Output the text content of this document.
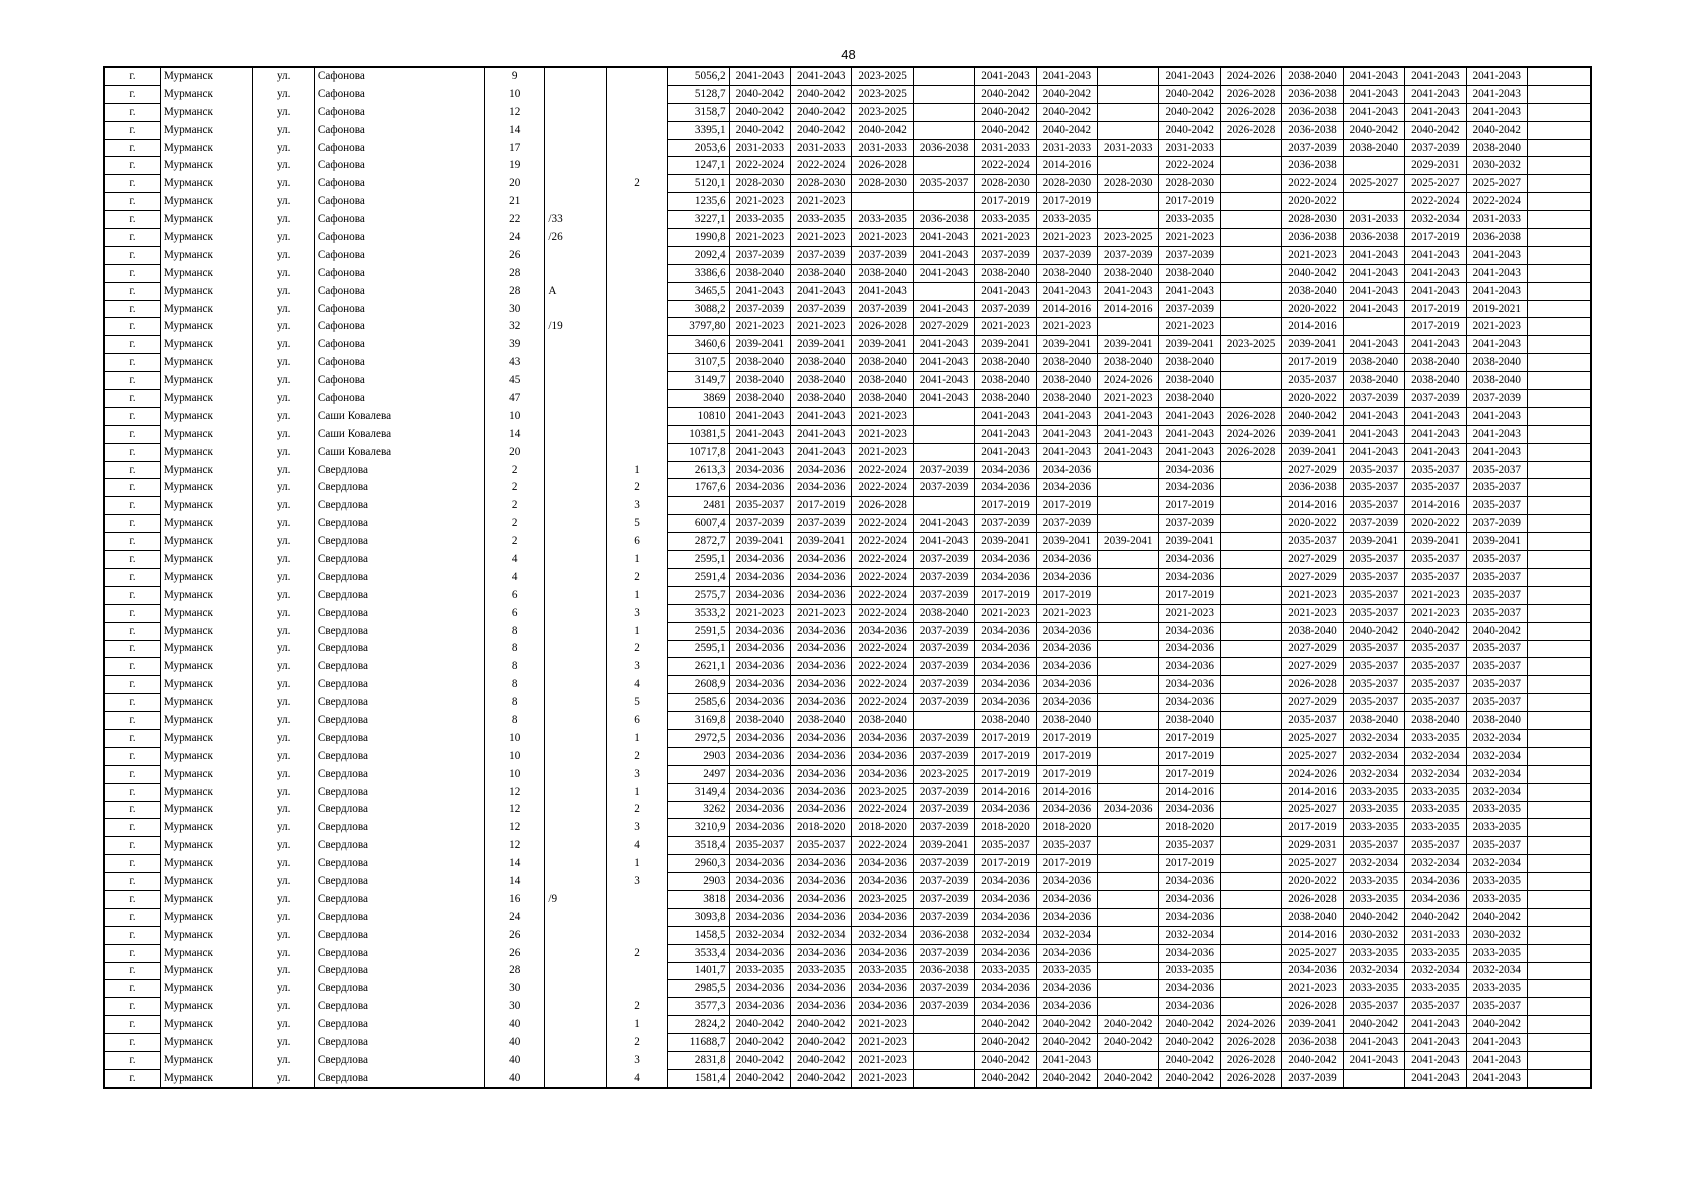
48
г.	Мурманск	ул.	Сафонова	9			5056,2	2041-2043	2041-2043	2023-2025		2041-2043	2041-2043		2041-2043	2024-2026	2038-2040	2041-2043	2041-2043	2041-2043	
г.	Мурманск	ул.	Сафонова	10			5128,7	2040-2042	2040-2042	2023-2025		2040-2042	2040-2042		2040-2042	2026-2028	2036-2038	2041-2043	2041-2043	2041-2043	
г.	Мурманск	ул.	Сафонова	12			3158,7	2040-2042	2040-2042	2023-2025		2040-2042	2040-2042		2040-2042	2026-2028	2036-2038	2041-2043	2041-2043	2041-2043	
г.	Мурманск	ул.	Сафонова	14			3395,1	2040-2042	2040-2042	2040-2042		2040-2042	2040-2042		2040-2042	2026-2028	2036-2038	2040-2042	2040-2042	2040-2042	
г.	Мурманск	ул.	Сафонова	17			2053,6	2031-2033	2031-2033	2031-2033	2036-2038	2031-2033	2031-2033	2031-2033	2031-2033		2037-2039	2038-2040	2037-2039	2038-2040	
г.	Мурманск	ул.	Сафонова	19			1247,1	2022-2024	2022-2024	2026-2028		2022-2024	2014-2016		2022-2024		2036-2038		2029-2031	2030-2032	
г.	Мурманск	ул.	Сафонова	20		2	5120,1	2028-2030	2028-2030	2028-2030	2035-2037	2028-2030	2028-2030	2028-2030	2028-2030		2022-2024	2025-2027	2025-2027	2025-2027	
г.	Мурманск	ул.	Сафонова	21			1235,6	2021-2023	2021-2023			2017-2019	2017-2019		2017-2019		2020-2022		2022-2024	2022-2024	
г.	Мурманск	ул.	Сафонова	22	/33		3227,1	2033-2035	2033-2035	2033-2035	2036-2038	2033-2035	2033-2035		2033-2035		2028-2030	2031-2033	2032-2034	2031-2033	
г.	Мурманск	ул.	Сафонова	24	/26		1990,8	2021-2023	2021-2023	2021-2023	2041-2043	2021-2023	2021-2023	2023-2025	2021-2023		2036-2038	2036-2038	2017-2019	2036-2038	
г.	Мурманск	ул.	Сафонова	26			2092,4	2037-2039	2037-2039	2037-2039	2041-2043	2037-2039	2037-2039	2037-2039	2037-2039		2021-2023	2041-2043	2041-2043	2041-2043	
г.	Мурманск	ул.	Сафонова	28			3386,6	2038-2040	2038-2040	2038-2040	2041-2043	2038-2040	2038-2040	2038-2040	2038-2040		2040-2042	2041-2043	2041-2043	2041-2043	
г.	Мурманск	ул.	Сафонова	28	А		3465,5	2041-2043	2041-2043	2041-2043		2041-2043	2041-2043	2041-2043	2041-2043		2038-2040	2041-2043	2041-2043	2041-2043	
г.	Мурманск	ул.	Сафонова	30			3088,2	2037-2039	2037-2039	2037-2039	2041-2043	2037-2039	2014-2016	2014-2016	2037-2039		2020-2022	2041-2043	2017-2019	2019-2021	
г.	Мурманск	ул.	Сафонова	32	/19		3797,80	2021-2023	2021-2023	2026-2028	2027-2029	2021-2023	2021-2023		2021-2023		2014-2016		2017-2019	2021-2023	
г.	Мурманск	ул.	Сафонова	39			3460,6	2039-2041	2039-2041	2039-2041	2041-2043	2039-2041	2039-2041	2039-2041	2039-2041	2023-2025	2039-2041	2041-2043	2041-2043	2041-2043	
г.	Мурманск	ул.	Сафонова	43			3107,5	2038-2040	2038-2040	2038-2040	2041-2043	2038-2040	2038-2040	2038-2040	2038-2040		2017-2019	2038-2040	2038-2040	2038-2040	
г.	Мурманск	ул.	Сафонова	45			3149,7	2038-2040	2038-2040	2038-2040	2041-2043	2038-2040	2038-2040	2024-2026	2038-2040		2035-2037	2038-2040	2038-2040	2038-2040	
г.	Мурманск	ул.	Сафонова	47			3869	2038-2040	2038-2040	2038-2040	2041-2043	2038-2040	2038-2040	2021-2023	2038-2040		2020-2022	2037-2039	2037-2039	2037-2039	
г.	Мурманск	ул.	Саши Ковалева	10			10810	2041-2043	2041-2043	2021-2023		2041-2043	2041-2043	2041-2043	2041-2043	2026-2028	2040-2042	2041-2043	2041-2043	2041-2043	
г.	Мурманск	ул.	Саши Ковалева	14			10381,5	2041-2043	2041-2043	2021-2023		2041-2043	2041-2043	2041-2043	2041-2043	2024-2026	2039-2041	2041-2043	2041-2043	2041-2043	
г.	Мурманск	ул.	Саши Ковалева	20			10717,8	2041-2043	2041-2043	2021-2023		2041-2043	2041-2043	2041-2043	2041-2043	2026-2028	2039-2041	2041-2043	2041-2043	2041-2043	
г.	Мурманск	ул.	Свердлова	2		1	2613,3	2034-2036	2034-2036	2022-2024	2037-2039	2034-2036	2034-2036		2034-2036		2027-2029	2035-2037	2035-2037	2035-2037	
г.	Мурманск	ул.	Свердлова	2		2	1767,6	2034-2036	2034-2036	2022-2024	2037-2039	2034-2036	2034-2036		2034-2036		2036-2038	2035-2037	2035-2037	2035-2037	
г.	Мурманск	ул.	Свердлова	2		3	2481	2035-2037	2017-2019	2026-2028		2017-2019	2017-2019		2017-2019		2014-2016	2035-2037	2014-2016	2035-2037	
г.	Мурманск	ул.	Свердлова	2		5	6007,4	2037-2039	2037-2039	2022-2024	2041-2043	2037-2039	2037-2039		2037-2039		2020-2022	2037-2039	2020-2022	2037-2039	
г.	Мурманск	ул.	Свердлова	2		6	2872,7	2039-2041	2039-2041	2022-2024	2041-2043	2039-2041	2039-2041	2039-2041	2039-2041		2035-2037	2039-2041	2039-2041	2039-2041	
г.	Мурманск	ул.	Свердлова	4		1	2595,1	2034-2036	2034-2036	2022-2024	2037-2039	2034-2036	2034-2036		2034-2036		2027-2029	2035-2037	2035-2037	2035-2037	
г.	Мурманск	ул.	Свердлова	4		2	2591,4	2034-2036	2034-2036	2022-2024	2037-2039	2034-2036	2034-2036		2034-2036		2027-2029	2035-2037	2035-2037	2035-2037	
г.	Мурманск	ул.	Свердлова	6		1	2575,7	2034-2036	2034-2036	2022-2024	2037-2039	2017-2019	2017-2019		2017-2019		2021-2023	2035-2037	2021-2023	2035-2037	
г.	Мурманск	ул.	Свердлова	6		3	3533,2	2021-2023	2021-2023	2022-2024	2038-2040	2021-2023	2021-2023		2021-2023		2021-2023	2035-2037	2021-2023	2035-2037	
г.	Мурманск	ул.	Свердлова	8		1	2591,5	2034-2036	2034-2036	2034-2036	2037-2039	2034-2036	2034-2036		2034-2036		2038-2040	2040-2042	2040-2042	2040-2042	
г.	Мурманск	ул.	Свердлова	8		2	2595,1	2034-2036	2034-2036	2022-2024	2037-2039	2034-2036	2034-2036		2034-2036		2027-2029	2035-2037	2035-2037	2035-2037	
г.	Мурманск	ул.	Свердлова	8		3	2621,1	2034-2036	2034-2036	2022-2024	2037-2039	2034-2036	2034-2036		2034-2036		2027-2029	2035-2037	2035-2037	2035-2037	
г.	Мурманск	ул.	Свердлова	8		4	2608,9	2034-2036	2034-2036	2022-2024	2037-2039	2034-2036	2034-2036		2034-2036		2026-2028	2035-2037	2035-2037	2035-2037	
г.	Мурманск	ул.	Свердлова	8		5	2585,6	2034-2036	2034-2036	2022-2024	2037-2039	2034-2036	2034-2036		2034-2036		2027-2029	2035-2037	2035-2037	2035-2037	
г.	Мурманск	ул.	Свердлова	8		6	3169,8	2038-2040	2038-2040	2038-2040		2038-2040	2038-2040		2038-2040		2035-2037	2038-2040	2038-2040	2038-2040	
г.	Мурманск	ул.	Свердлова	10		1	2972,5	2034-2036	2034-2036	2034-2036	2037-2039	2017-2019	2017-2019		2017-2019		2025-2027	2032-2034	2033-2035	2032-2034	
г.	Мурманск	ул.	Свердлова	10		2	2903	2034-2036	2034-2036	2034-2036	2037-2039	2017-2019	2017-2019		2017-2019		2025-2027	2032-2034	2032-2034	2032-2034	
г.	Мурманск	ул.	Свердлова	10		3	2497	2034-2036	2034-2036	2034-2036	2023-2025	2017-2019	2017-2019		2017-2019		2024-2026	2032-2034	2032-2034	2032-2034	
г.	Мурманск	ул.	Свердлова	12		1	3149,4	2034-2036	2034-2036	2023-2025	2037-2039	2014-2016	2014-2016		2014-2016		2014-2016	2033-2035	2033-2035	2032-2034	
г.	Мурманск	ул.	Свердлова	12		2	3262	2034-2036	2034-2036	2022-2024	2037-2039	2034-2036	2034-2036	2034-2036	2034-2036		2025-2027	2033-2035	2033-2035	2033-2035	
г.	Мурманск	ул.	Свердлова	12		3	3210,9	2034-2036	2018-2020	2018-2020	2037-2039	2018-2020	2018-2020		2018-2020		2017-2019	2033-2035	2033-2035	2033-2035	
г.	Мурманск	ул.	Свердлова	12		4	3518,4	2035-2037	2035-2037	2022-2024	2039-2041	2035-2037	2035-2037		2035-2037		2029-2031	2035-2037	2035-2037	2035-2037	
г.	Мурманск	ул.	Свердлова	14		1	2960,3	2034-2036	2034-2036	2034-2036	2037-2039	2017-2019	2017-2019		2017-2019		2025-2027	2032-2034	2032-2034	2032-2034	
г.	Мурманск	ул.	Свердлова	14		3	2903	2034-2036	2034-2036	2034-2036	2037-2039	2034-2036	2034-2036		2034-2036		2020-2022	2033-2035	2034-2036	2033-2035	
г.	Мурманск	ул.	Свердлова	16	/9		3818	2034-2036	2034-2036	2023-2025	2037-2039	2034-2036	2034-2036		2034-2036		2026-2028	2033-2035	2034-2036	2033-2035	
г.	Мурманск	ул.	Свердлова	24			3093,8	2034-2036	2034-2036	2034-2036	2037-2039	2034-2036	2034-2036		2034-2036		2038-2040	2040-2042	2040-2042	2040-2042	
г.	Мурманск	ул.	Свердлова	26			1458,5	2032-2034	2032-2034	2032-2034	2036-2038	2032-2034	2032-2034		2032-2034		2014-2016	2030-2032	2031-2033	2030-2032	
г.	Мурманск	ул.	Свердлова	26		2	3533,4	2034-2036	2034-2036	2034-2036	2037-2039	2034-2036	2034-2036		2034-2036		2025-2027	2033-2035	2033-2035	2033-2035	
г.	Мурманск	ул.	Свердлова	28			1401,7	2033-2035	2033-2035	2033-2035	2036-2038	2033-2035	2033-2035		2033-2035		2034-2036	2032-2034	2032-2034	2032-2034	
г.	Мурманск	ул.	Свердлова	30			2985,5	2034-2036	2034-2036	2034-2036	2037-2039	2034-2036	2034-2036		2034-2036		2021-2023	2033-2035	2033-2035	2033-2035	
г.	Мурманск	ул.	Свердлова	30		2	3577,3	2034-2036	2034-2036	2034-2036	2037-2039	2034-2036	2034-2036		2034-2036		2026-2028	2035-2037	2035-2037	2035-2037	
г.	Мурманск	ул.	Свердлова	40		1	2824,2	2040-2042	2040-2042	2021-2023		2040-2042	2040-2042	2040-2042	2040-2042	2024-2026	2039-2041	2040-2042	2041-2043	2040-2042	
г.	Мурманск	ул.	Свердлова	40		2	11688,7	2040-2042	2040-2042	2021-2023		2040-2042	2040-2042	2040-2042	2040-2042	2026-2028	2036-2038	2041-2043	2041-2043	2041-2043	
г.	Мурманск	ул.	Свердлова	40		3	2831,8	2040-2042	2040-2042	2021-2023		2040-2042	2041-2043		2040-2042	2026-2028	2040-2042	2041-2043	2041-2043	2041-2043	
г.	Мурманск	ул.	Свердлова	40		4	1581,4	2040-2042	2040-2042	2021-2023		2040-2042	2040-2042	2040-2042	2040-2042	2026-2028	2037-2039		2041-2043	2041-2043	
